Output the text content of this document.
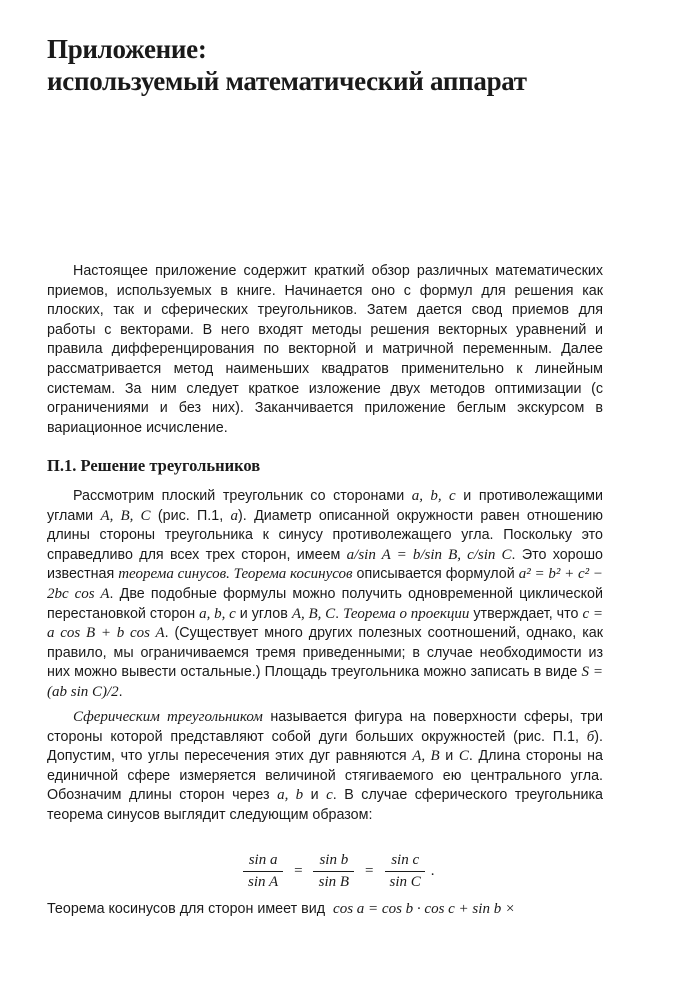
Приложение:
используемый математический аппарат

Настоящее приложение содержит краткий обзор различных математических приемов, используемых в книге. Начинается оно с формул для решения как плоских, так и сферических треугольников. Затем дается свод приемов для работы с векторами. В него входят методы решения векторных уравнений и правила дифференцирования по векторной и матричной переменным. Далее рассматривается метод наименьших квадратов применительно к линейным системам. За ним следует краткое изложение двух методов оптимизации (с ограничениями и без них). Заканчивается приложение беглым экскурсом в вариационное исчисление.

П.1. Решение треугольников

Рассмотрим плоский треугольник со сторонами a, b, c и противолежащими углами A, B, C (рис. П.1, а). Диаметр описанной окружности равен отношению длины стороны треугольника к синусу противолежащего угла. Поскольку это справедливо для всех трех сторон, имеем a/sin A = b/sin B, c/sin C. Это хорошо известная теорема синусов. Теорема косинусов описывается формулой a² = b² + c² − 2bc cos A. Две подобные формулы можно получить одновременной циклической перестановкой сторон a, b, c и углов A, B, C. Теорема о проекции утверждает, что c = a cos B + b cos A. (Существует много других полезных соотношений, однако, как правило, мы ограничиваемся тремя приведенными; в случае необходимости из них можно вывести остальные.) Площадь треугольника можно записать в виде S = (ab sin C)/2.

Сферическим треугольником называется фигура на поверхности сферы, три стороны которой представляют собой дуги больших окружностей (рис. П.1, б). Допустим, что углы пересечения этих дуг равняются A, B и C. Длина стороны на единичной сфере измеряется величиной стягиваемого ею центрального угла. Обозначим длины сторон через a, b и c. В случае сферического треугольника теорема синусов выглядит следующим образом:

$\frac{\text{sin a}}{\text{sin A}} = \frac{\text{sin b}}{\text{sin B}} = \frac{\text{sin c}}{\text{sin C}}$ .

Теорема косинусов для сторон имеет вид cos a = cos b · cos c + sin b ×
